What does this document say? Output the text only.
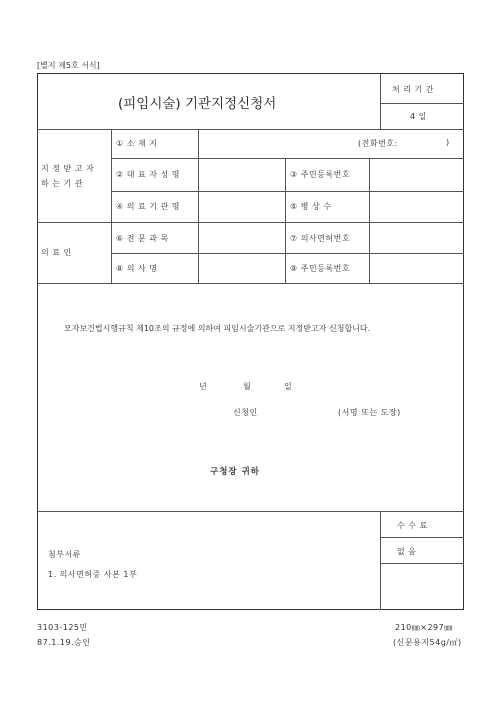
[별지 제5호 서식]
(피임시술) 기관지정신청서
처 리 기 간
4 일
지 정 받 고 자
하 는 기 관
① 소 재 지	(전화번호:	)
② 대 표 자 성 명	③ 주민등록번호
④ 의 료 기 관 명	⑤ 병 상 수
의 료 인
⑥ 전 문 과 목	⑦ 의사면허번호
⑧ 의 사 명	⑨ 주민등록번호
모자보건법시행규칙 제10조의 규정에 의하여 피임시술기관으로 지정받고자 신청합니다.
년	월	일
신청인	(서명 또는 도장)
구청장 귀하
수 수 료
없 음
첨부서류
1. 의사면허증 사본 1부
3103-125민
87.1.19.승인
210㎜×297㎜
(신문용지54g/㎡)
